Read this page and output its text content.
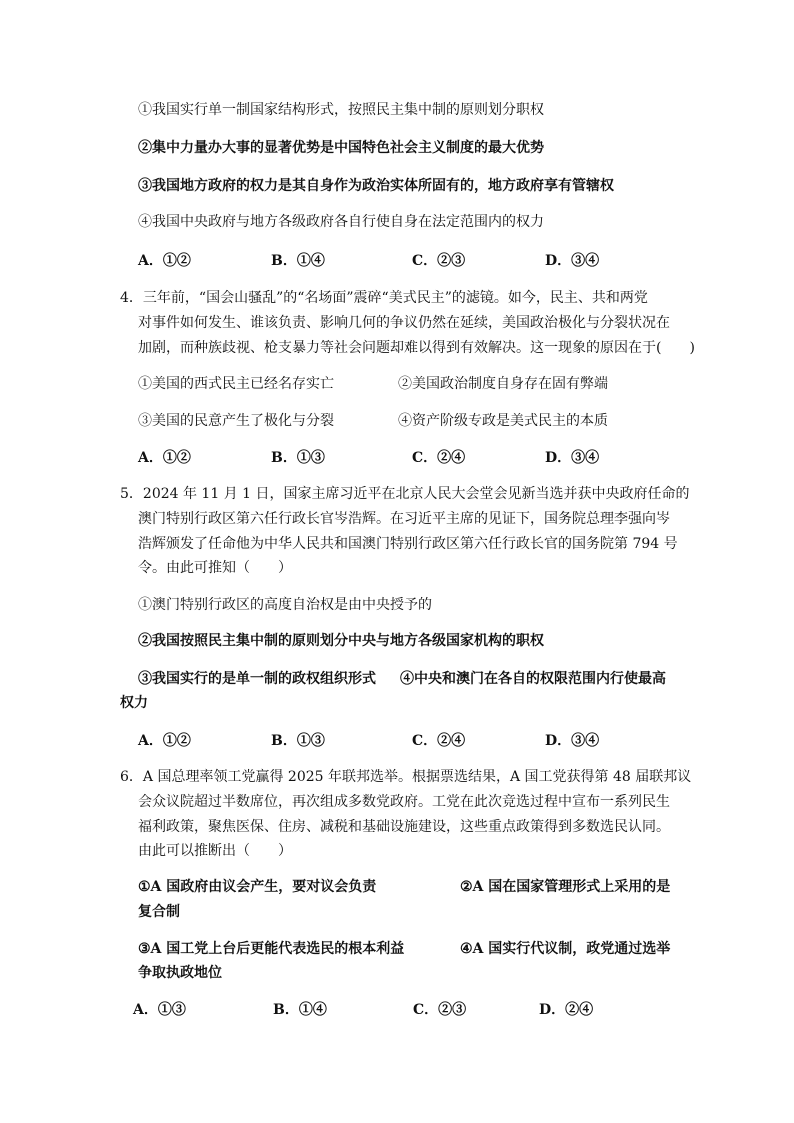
①我国实行单一制国家结构形式，按照民主集中制的原则划分职权
②集中力量办大事的显著优势是中国特色社会主义制度的最大优势
③我国地方政府的权力是其自身作为政治实体所固有的，地方政府享有管辖权
④我国中央政府与地方各级政府各自行使自身在法定范围内的权力
A．①②	B．①④	C．②③	D．③④
4．三年前，“国会山骚乱”的“名场面”震碎“美式民主”的滤镜。如今，民主、共和两党
对事件如何发生、谁该负责、影响几何的争议仍然在延续，美国政治极化与分裂状况在
加剧，而种族歧视、枪支暴力等社会问题却难以得到有效解决。这一现象的原因在于(　　)
①美国的西式民主已经名存实亡	②美国政治制度自身存在固有弊端
③美国的民意产生了极化与分裂	④资产阶级专政是美式民主的本质
A．①②	B．①③	C．②④	D．③④
5．2024 年 11 月 1 日，国家主席习近平在北京人民大会堂会见新当选并获中央政府任命的
澳门特别行政区第六任行政长官岑浩辉。在习近平主席的见证下，国务院总理李强向岑
浩辉颁发了任命他为中华人民共和国澳门特别行政区第六任行政长官的国务院第 794 号
令。由此可推知（　　）
①澳门特别行政区的高度自治权是由中央授予的
②我国按照民主集中制的原则划分中央与地方各级国家机构的职权
③我国实行的是单一制的政权组织形式 ④中央和澳门在各自的权限范围内行使最高
权力
A．①②	B．①③	C．②④	D．③④
6．A 国总理率领工党赢得 2025 年联邦选举。根据票选结果，A 国工党获得第 48 届联邦议
会众议院超过半数席位，再次组成多数党政府。工党在此次竞选过程中宣布一系列民生
福利政策，聚焦医保、住房、减税和基础设施建设，这些重点政策得到多数选民认同。
由此可以推断出（　　）
①A 国政府由议会产生，要对议会负责	②A 国在国家管理形式上采用的是
复合制
③A 国工党上台后更能代表选民的根本利益	④A 国实行代议制，政党通过选举
争取执政地位
A．①③	B．①④	C．②③	D．②④
